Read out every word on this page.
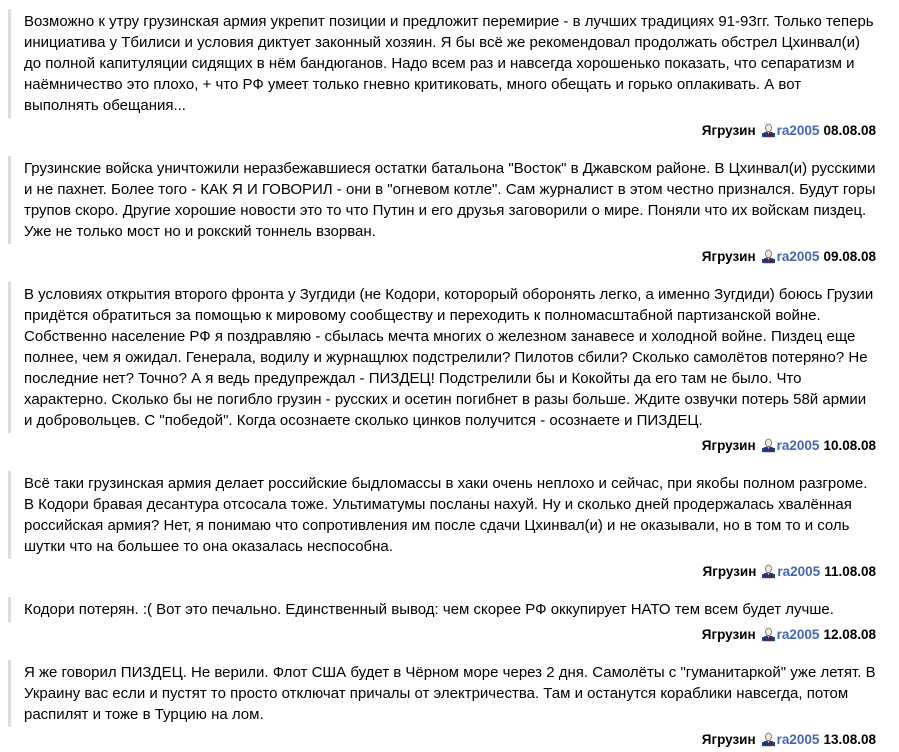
Возможно к утру грузинская армия укрепит позиции и предложит перемирие - в лучших традициях 91-93гг. Только теперь инициатива у Тбилиси и условия диктует законный хозяин. Я бы всё же рекомендовал продолжать обстрел Цхинвал(и) до полной капитуляции сидящих в нём бандюганов. Надо всем раз и навсегда хорошенько показать, что сепаратизм и наёмничество это плохо, + что РФ умеет только гневно критиковать, много обещать и горько оплакивать. А вот выполнять обещания...
Ягрузин ra2005 08.08.08
Грузинские войска уничтожили неразбежавшиеся остатки батальона "Восток" в Джавском районе. В Цхинвал(и) русскими и не пахнет. Более того - КАК Я И ГОВОРИЛ - они в "огневом котле". Сам журналист в этом честно признался. Будут горы трупов скоро. Другие хорошие новости это то что Путин и его друзья заговорили о мире. Поняли что их войскам пиздец. Уже не только мост но и рокский тоннель взорван.
Ягрузин ra2005 09.08.08
В условиях открытия второго фронта у Зугдиди (не Кодори, которорый оборонять легко, а именно Зугдиди) боюсь Грузии придётся обратиться за помощью к мировому сообществу и переходить к полномасштабной партизанской войне. Собственно население РФ я поздравляю - сбылась мечта многих о железном занавесе и холодной войне. Пиздец еще полнее, чем я ожидал. Генерала, водилу и журнащлюх подстрелили? Пилотов сбили? Сколько самолётов потеряно? Не последние нет? Точно? А я ведь предупреждал - ПИЗДЕЦ! Подстрелили бы и Кокойты да его там не было. Что характерно. Сколько бы не погибло грузин - русских и осетин погибнет в разы больше. Ждите озвучки потерь 58й армии и добровольцев. С "победой". Когда осознаете сколько цинков получится - осознаете и ПИЗДЕЦ.
Ягрузин ra2005 10.08.08
Всё таки грузинская армия делает российские быдломассы в хаки очень неплохо и сейчас, при якобы полном разгроме. В Кодори бравая десантура отсосала тоже. Ультиматумы посланы нахуй. Ну и сколько дней продержалась хвалённая российская армия? Нет, я понимаю что сопротивления им после сдачи Цхинвал(и) и не оказывали, но в том то и соль шутки что на большее то она оказалась неспособна.
Ягрузин ra2005 11.08.08
Кодори потерян. :( Вот это печально. Единственный вывод: чем скорее РФ оккупирует НАТО тем всем будет лучше.
Ягрузин ra2005 12.08.08
Я же говорил ПИЗДЕЦ. Не верили. Флот США будет в Чёрном море через 2 дня. Самолёты с "гуманитаркой" уже летят. В Украину вас если и пустят то просто отключат причалы от электричества. Там и останутся кораблики навсегда, потом распилят и тоже в Турцию на лом.
Ягрузин ra2005 13.08.08
